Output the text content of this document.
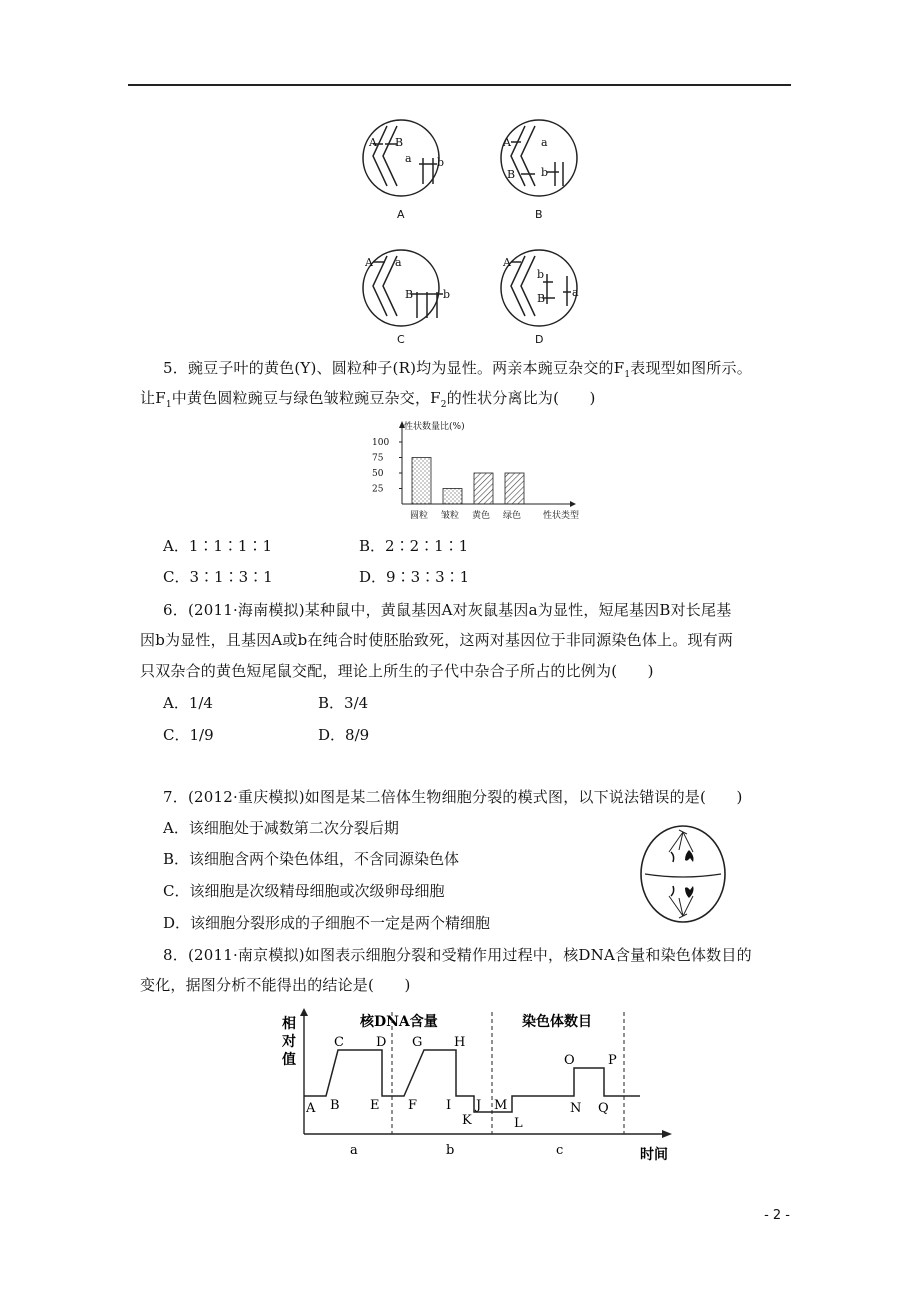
A B
a b
A	a
B b
A a
B	b
A
b
B a
A	B
C	D
5．豌豆子叶的黄色(Y)、圆粒种子(R)均为显性。两亲本豌豆杂交的$F_1$表现型如图所示。
让$F_1$中黄色圆粒豌豆与绿色皱粒豌豆杂交，$F_2$的性状分离比为(　　)
性状数量比(%)
性状类型
100
75
50
25
圆粒 皱粒 黄色 绿色
A．1∶1∶1∶1	B．2∶2∶1∶1
C．3∶1∶3∶1	D．9∶3∶3∶1
6．(2011·海南模拟)某种鼠中，黄鼠基因A对灰鼠基因a为显性，短尾基因B对长尾基
因b为显性，且基因A或b在纯合时使胚胎致死，这两对基因位于非同源染色体上。现有两
只双杂合的黄色短尾鼠交配，理论上所生的子代中杂合子所占的比例为(　　)
A．1/4	B．3/4
C．1/9	D．8/9
7．(2012·重庆模拟)如图是某二倍体生物细胞分裂的模式图，以下说法错误的是(　　)
A．该细胞处于减数第二次分裂后期
B．该细胞含两个染色体组，不含同源染色体
C．该细胞是次级精母细胞或次级卵母细胞
D．该细胞分裂形成的子细胞不一定是两个精细胞
8．(2011·南京模拟)如图表示细胞分裂和受精作用过程中，核DNA含量和染色体数目的
变化，据图分析不能得出的结论是(　　)
相
对
值
核DNA含量	染色体数目
时间
A B
C D
E F
G H
I J
K	L
M	N
O	P
Q
a	b	c
- 2 -
